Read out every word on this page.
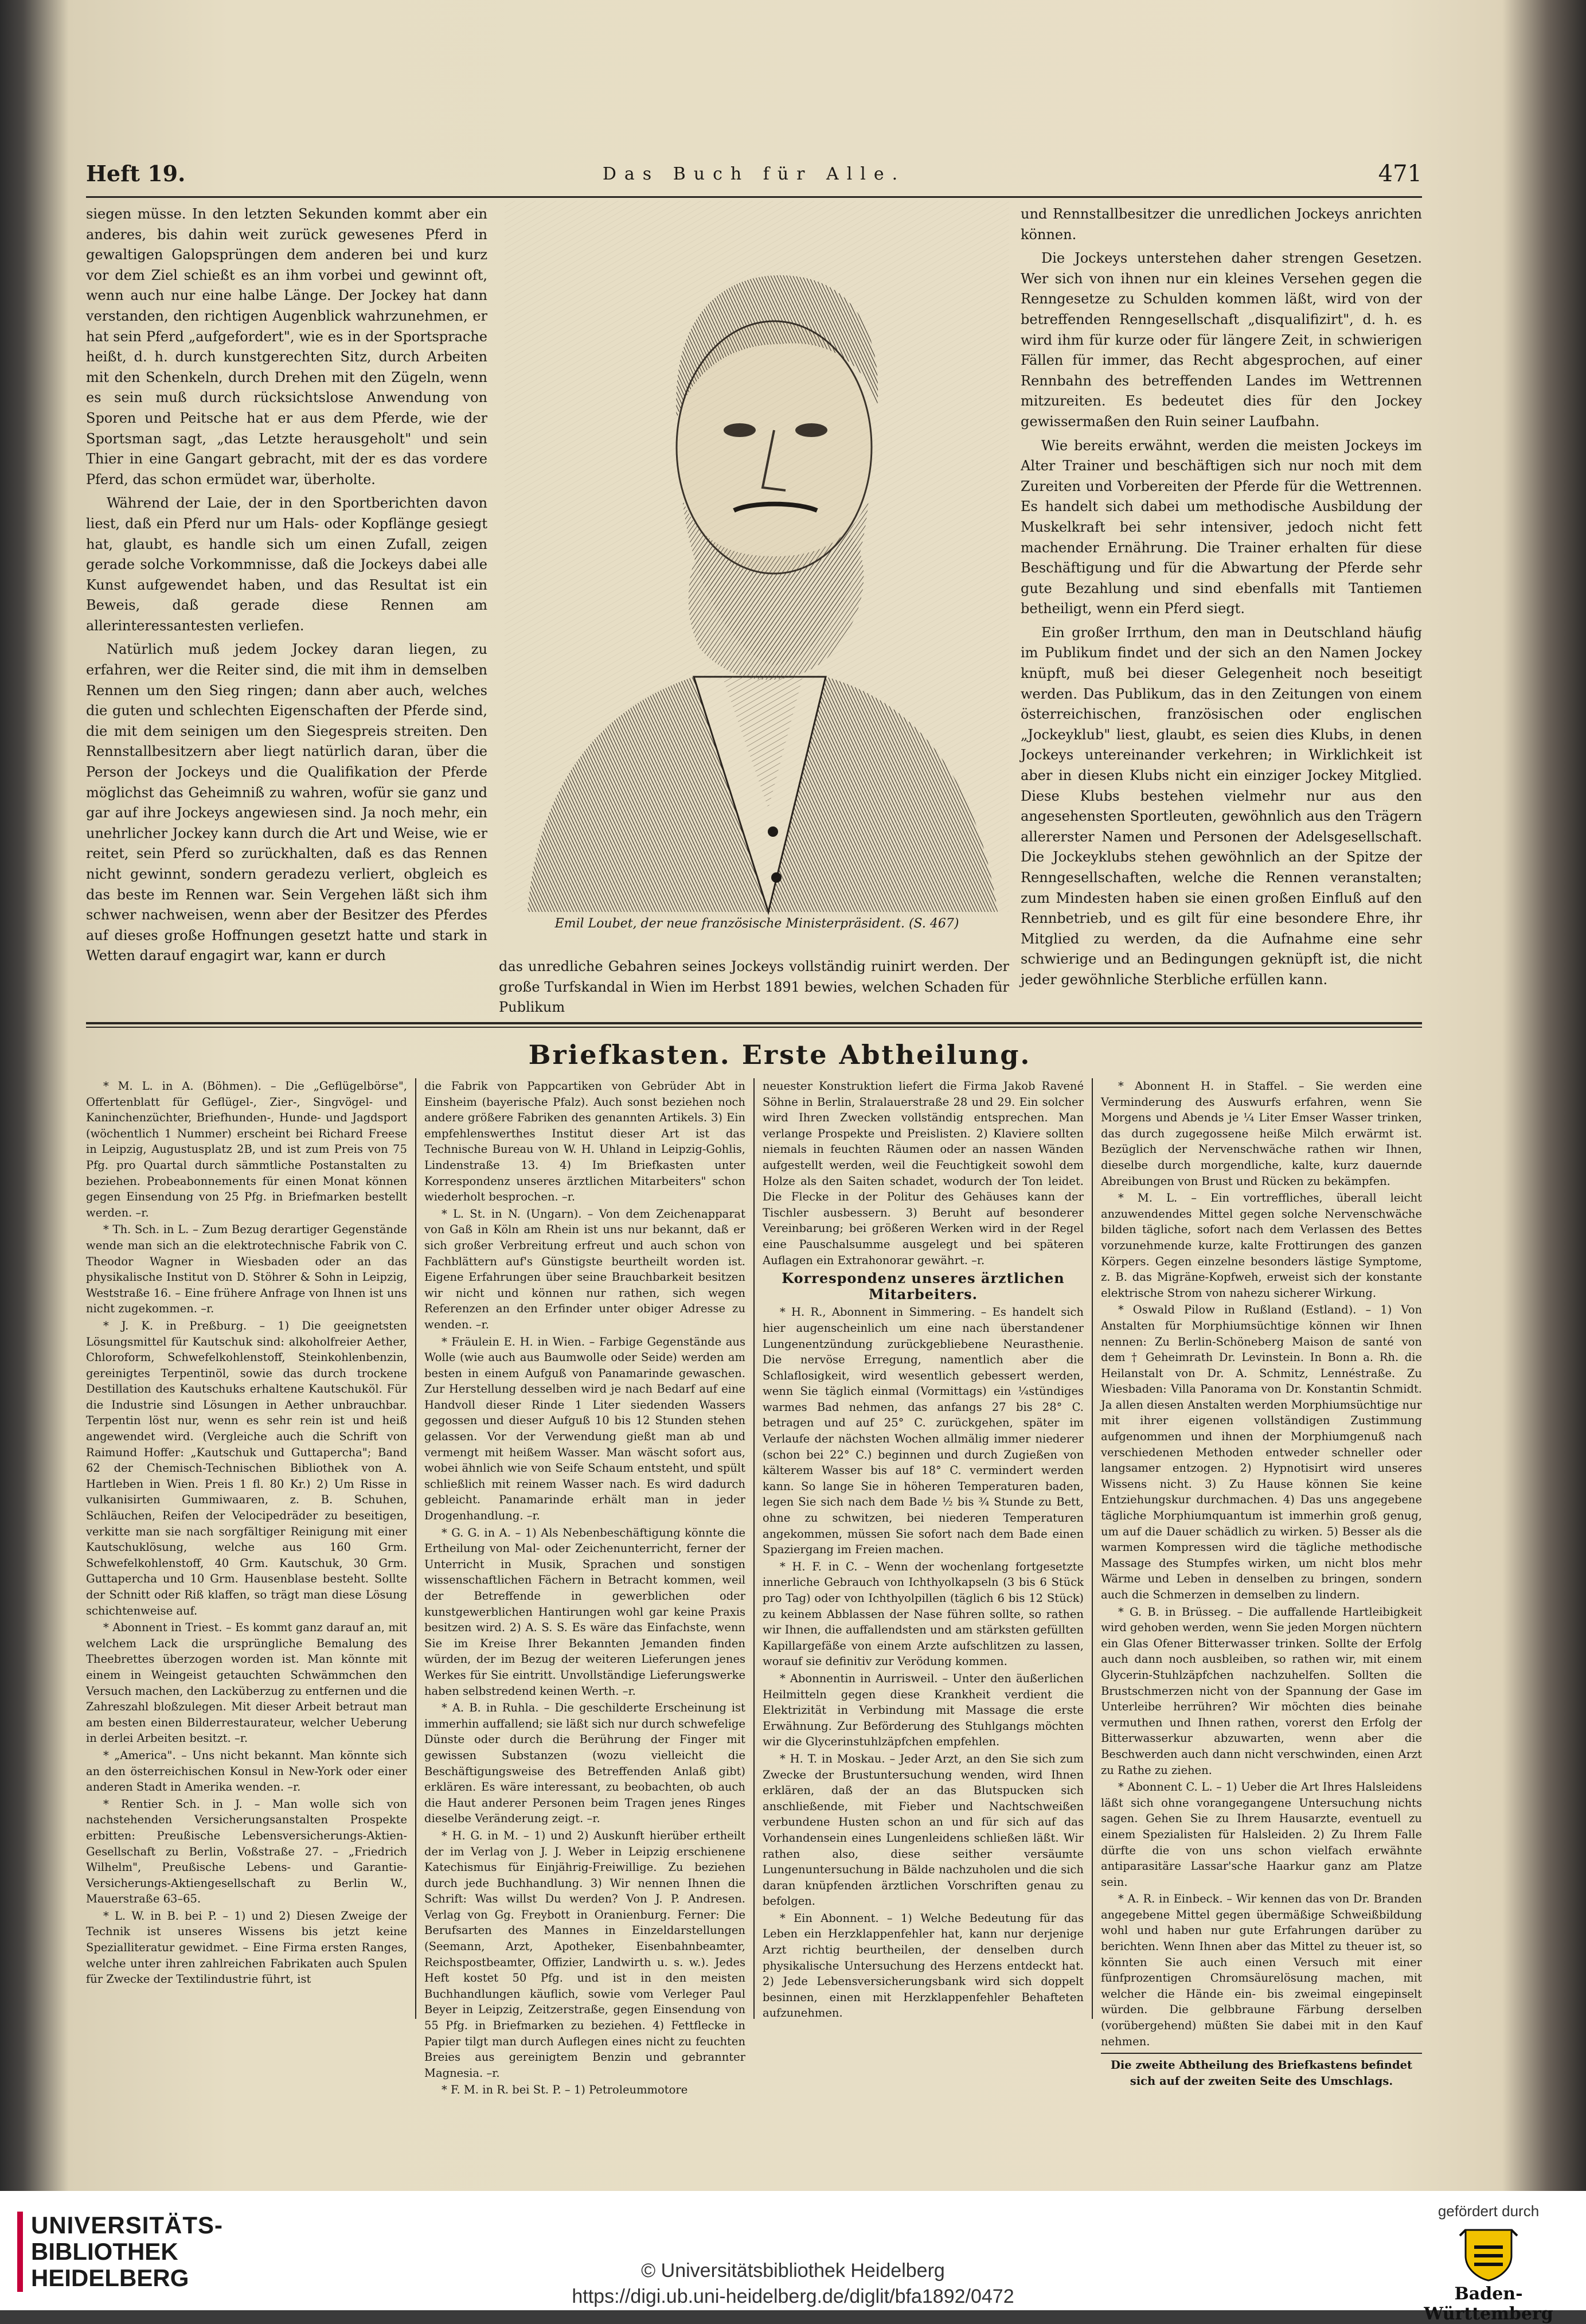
Heft 19.	Das Buch für Alle.	471

siegen müsse. In den letzten Sekunden kommt aber ein anderes, bis dahin weit zurück gewesenes Pferd in gewaltigen Galopsprüngen dem anderen bei und kurz vor dem Ziel schießt es an ihm vorbei und gewinnt oft, wenn auch nur eine halbe Länge. Der Jockey hat dann verstanden, den richtigen Augenblick wahrzunehmen, er hat sein Pferd „aufgefordert", wie es in der Sportsprache heißt, d. h. durch kunstgerechten Sitz, durch Arbeiten mit den Schenkeln, durch Drehen mit den Zügeln, wenn es sein muß durch rücksichtslose Anwendung von Sporen und Peitsche hat er aus dem Pferde, wie der Sportsman sagt, „das Letzte herausgeholt" und sein Thier in eine Gangart gebracht, mit der es das vordere Pferd, das schon ermüdet war, überholte.

Während der Laie, der in den Sportberichten davon liest, daß ein Pferd nur um Hals- oder Kopflänge gesiegt hat, glaubt, es handle sich um einen Zufall, zeigen gerade solche Vorkommnisse, daß die Jockeys dabei alle Kunst aufgewendet haben, und das Resultat ist ein Beweis, daß gerade diese Rennen am allerinteressantesten verliefen.

Natürlich muß jedem Jockey daran liegen, zu erfahren, wer die Reiter sind, die mit ihm in demselben Rennen um den Sieg ringen; dann aber auch, welches die guten und schlechten Eigenschaften der Pferde sind, die mit dem seinigen um den Siegespreis streiten. Den Rennstallbesitzern aber liegt natürlich daran, über die Person der Jockeys und die Qualifikation der Pferde möglichst das Geheimniß zu wahren, wofür sie ganz und gar auf ihre Jockeys angewiesen sind. Ja noch mehr, ein unehrlicher Jockey kann durch die Art und Weise, wie er reitet, sein Pferd so zurückhalten, daß es das Rennen nicht gewinnt, sondern geradezu verliert, obgleich es das beste im Rennen war. Sein Vergehen läßt sich ihm schwer nachweisen, wenn aber der Besitzer des Pferdes auf dieses große Hoffnungen gesetzt hatte und stark in Wetten darauf engagirt war, kann er durch

Emil Loubet, der neue französische Ministerpräsident. (S. 467)

und Rennstallbesitzer die unredlichen Jockeys anrichten können.

Die Jockeys unterstehen daher strengen Gesetzen. Wer sich von ihnen nur ein kleines Versehen gegen die Renngesetze zu Schulden kommen läßt, wird von der betreffenden Renngesellschaft „disqualifizirt", d. h. es wird ihm für kurze oder für längere Zeit, in schwierigen Fällen für immer, das Recht abgesprochen, auf einer Rennbahn des betreffenden Landes im Wettrennen mitzureiten. Es bedeutet dies für den Jockey gewissermaßen den Ruin seiner Laufbahn.

Wie bereits erwähnt, werden die meisten Jockeys im Alter Trainer und beschäftigen sich nur noch mit dem Zureiten und Vorbereiten der Pferde für die Wettrennen. Es handelt sich dabei um methodische Ausbildung der Muskelkraft bei sehr intensiver, jedoch nicht fett machender Ernährung. Die Trainer erhalten für diese Beschäftigung und für die Abwartung der Pferde sehr gute Bezahlung und sind ebenfalls mit Tantiemen betheiligt, wenn ein Pferd siegt.

Ein großer Irrthum, den man in Deutschland häufig im Publikum findet und der sich an den Namen Jockey knüpft, muß bei dieser Gelegenheit noch beseitigt werden. Das Publikum, das in den Zeitungen von einem österreichischen, französischen oder englischen „Jockeyklub" liest, glaubt, es seien dies Klubs, in denen Jockeys untereinander verkehren; in Wirklichkeit ist aber in diesen Klubs nicht ein einziger Jockey Mitglied. Diese Klubs bestehen vielmehr nur aus den angesehensten Sportleuten, gewöhnlich aus den Trägern allererster Namen und Personen der Adelsgesellschaft. Die Jockeyklubs stehen gewöhnlich an der Spitze der Renngesellschaften, welche die Rennen veranstalten; zum Mindesten haben sie einen großen Einfluß auf den Rennbetrieb, und es gilt für eine besondere Ehre, ihr Mitglied zu werden, da die Aufnahme eine sehr schwierige und an Bedingungen geknüpft ist, die nicht jeder gewöhnliche Sterbliche erfüllen kann.

das unredliche Gebahren seines Jockeys vollständig ruinirt werden. Der große Turfskandal in Wien im Herbst 1891 bewies, welchen Schaden für Publikum

Briefkasten. Erste Abtheilung.

* M. L. in A. (Böhmen). – Die „Geflügelbörse", Offertenblatt für Geflügel-, Zier-, Singvögel- und Kaninchenzüchter, Briefhunden-, Hunde- und Jagdsport (wöchentlich 1 Nummer) erscheint bei Richard Freese in Leipzig, Augustusplatz 2B, und ist zum Preis von 75 Pfg. pro Quartal durch sämmtliche Postanstalten zu beziehen. Probeabonnements für einen Monat können gegen Einsendung von 25 Pfg. in Briefmarken bestellt werden. –r.

* Th. Sch. in L. – Zum Bezug derartiger Gegenstände wende man sich an die elektrotechnische Fabrik von C. Theodor Wagner in Wiesbaden oder an das physikalische Institut von D. Stöhrer & Sohn in Leipzig, Weststraße 16. – Eine frühere Anfrage von Ihnen ist uns nicht zugekommen. –r.

* J. K. in Preßburg. – 1) Die geeignetsten Lösungsmittel für Kautschuk sind: alkoholfreier Aether, Chloroform, Schwefelkohlenstoff, Steinkohlenbenzin, gereinigtes Terpentinöl, sowie das durch trockene Destillation des Kautschuks erhaltene Kautschuköl. Für die Industrie sind Lösungen in Aether unbrauchbar. Terpentin löst nur, wenn es sehr rein ist und heiß angewendet wird. (Vergleiche auch die Schrift von Raimund Hoffer: „Kautschuk und Guttapercha"; Band 62 der Chemisch-Technischen Bibliothek von A. Hartleben in Wien. Preis 1 fl. 80 Kr.) 2) Um Risse in vulkanisirten Gummiwaaren, z. B. Schuhen, Schläuchen, Reifen der Velocipedräder zu beseitigen, verkitte man sie nach sorgfältiger Reinigung mit einer Kautschuklösung, welche aus 160 Grm. Schwefelkohlenstoff, 40 Grm. Kautschuk, 30 Grm. Guttapercha und 10 Grm. Hausenblase besteht. Sollte der Schnitt oder Riß klaffen, so trägt man diese Lösung schichtenweise auf.

* Abonnent in Triest. – Es kommt ganz darauf an, mit welchem Lack die ursprüngliche Bemalung des Theebrettes überzogen worden ist. Man könnte mit einem in Weingeist getauchten Schwämmchen den Versuch machen, den Lacküberzug zu entfernen und die Zahreszahl bloßzulegen. Mit dieser Arbeit betraut man am besten einen Bilderrestaurateur, welcher Ueberung in derlei Arbeiten besitzt. –r.

* „America". – Uns nicht bekannt. Man könnte sich an den österreichischen Konsul in New-York oder einer anderen Stadt in Amerika wenden. –r.

* Rentier Sch. in J. – Man wolle sich von nachstehenden Versicherungsanstalten Prospekte erbitten: Preußische Lebensversicherungs-Aktien-Gesellschaft zu Berlin, Voßstraße 27. – „Friedrich Wilhelm", Preußische Lebens- und Garantie-Versicherungs-Aktiengesellschaft zu Berlin W., Mauerstraße 63–65.

* L. W. in B. bei P. – 1) und 2) Diesen Zweige der Technik ist unseres Wissens bis jetzt keine Spezialliteratur gewidmet. – Eine Firma ersten Ranges, welche unter ihren zahlreichen Fabrikaten auch Spulen für Zwecke der Textilindustrie führt, ist

die Fabrik von Pappcartiken von Gebrüder Abt in Einsheim (bayerische Pfalz). Auch sonst beziehen noch andere größere Fabriken des genannten Artikels. 3) Ein empfehlenswerthes Institut dieser Art ist das Technische Bureau von W. H. Uhland in Leipzig-Gohlis, Lindenstraße 13. 4) Im Briefkasten unter Korrespondenz unseres ärztlichen Mitarbeiters" schon wiederholt besprochen. –r.

* L. St. in N. (Ungarn). – Von dem Zeichenapparat von Gaß in Köln am Rhein ist uns nur bekannt, daß er sich großer Verbreitung erfreut und auch schon von Fachblättern auf's Günstigste beurtheilt worden ist. Eigene Erfahrungen über seine Brauchbarkeit besitzen wir nicht und können nur rathen, sich wegen Referenzen an den Erfinder unter obiger Adresse zu wenden. –r.

* Fräulein E. H. in Wien. – Farbige Gegenstände aus Wolle (wie auch aus Baumwolle oder Seide) werden am besten in einem Aufguß von Panamarinde gewaschen. Zur Herstellung desselben wird je nach Bedarf auf eine Handvoll dieser Rinde 1 Liter siedenden Wassers gegossen und dieser Aufguß 10 bis 12 Stunden stehen gelassen. Vor der Verwendung gießt man ab und vermengt mit heißem Wasser. Man wäscht sofort aus, wobei ähnlich wie von Seife Schaum entsteht, und spült schließlich mit reinem Wasser nach. Es wird dadurch gebleicht. Panamarinde erhält man in jeder Drogenhandlung. –r.

* G. G. in A. – 1) Als Nebenbeschäftigung könnte die Ertheilung von Mal- oder Zeichenunterricht, ferner der Unterricht in Musik, Sprachen und sonstigen wissenschaftlichen Fächern in Betracht kommen, weil der Betreffende in gewerblichen oder kunstgewerblichen Hantirungen wohl gar keine Praxis besitzen wird. 2) A. S. S. Es wäre das Einfachste, wenn Sie im Kreise Ihrer Bekannten Jemanden finden würden, der im Bezug der weiteren Lieferungen jenes Werkes für Sie eintritt. Unvollständige Lieferungswerke haben selbstredend keinen Werth. –r.

* A. B. in Ruhla. – Die geschilderte Erscheinung ist immerhin auffallend; sie läßt sich nur durch schwefelige Dünste oder durch die Berührung der Finger mit gewissen Substanzen (wozu vielleicht die Beschäftigungsweise des Betreffenden Anlaß gibt) erklären. Es wäre interessant, zu beobachten, ob auch die Haut anderer Personen beim Tragen jenes Ringes dieselbe Veränderung zeigt. –r.

* H. G. in M. – 1) und 2) Auskunft hierüber ertheilt der im Verlag von J. J. Weber in Leipzig erschienene Katechismus für Einjährig-Freiwillige. Zu beziehen durch jede Buchhandlung. 3) Wir nennen Ihnen die Schrift: Was willst Du werden? Von J. P. Andresen. Verlag von Gg. Freybott in Oranienburg. Ferner: Die Berufsarten des Mannes in Einzeldarstellungen (Seemann, Arzt, Apotheker, Eisenbahnbeamter, Reichspostbeamter, Offizier, Landwirth u. s. w.). Jedes Heft kostet 50 Pfg. und ist in den meisten Buchhandlungen käuflich, sowie vom Verleger Paul Beyer in Leipzig, Zeitzerstraße, gegen Einsendung von 55 Pfg. in Briefmarken zu beziehen. 4) Fettflecke in Papier tilgt man durch Auflegen eines nicht zu feuchten Breies aus gereinigtem Benzin und gebrannter Magnesia. –r.

* F. M. in R. bei St. P. – 1) Petroleummotore

neuester Konstruktion liefert die Firma Jakob Ravené Söhne in Berlin, Stralauerstraße 28 und 29. Ein solcher wird Ihren Zwecken vollständig entsprechen. Man verlange Prospekte und Preislisten. 2) Klaviere sollten niemals in feuchten Räumen oder an nassen Wänden aufgestellt werden, weil die Feuchtigkeit sowohl dem Holze als den Saiten schadet, wodurch der Ton leidet. Die Flecke in der Politur des Gehäuses kann der Tischler ausbessern. 3) Beruht auf besonderer Vereinbarung; bei größeren Werken wird in der Regel eine Pauschalsumme ausgelegt und bei späteren Auflagen ein Extrahonorar gewährt. –r.

Korrespondenz unseres ärztlichen Mitarbeiters.

* H. R., Abonnent in Simmering. – Es handelt sich hier augenscheinlich um eine nach überstandener Lungenentzündung zurückgebliebene Neurasthenie. Die nervöse Erregung, namentlich aber die Schlaflosigkeit, wird wesentlich gebessert werden, wenn Sie täglich einmal (Vormittags) ein ¼stündiges warmes Bad nehmen, das anfangs 27 bis 28° C. betragen und auf 25° C. zurückgehen, später im Verlaufe der nächsten Wochen allmälig immer niederer (schon bei 22° C.) beginnen und durch Zugießen von kälterem Wasser bis auf 18° C. vermindert werden kann. So lange Sie in höheren Temperaturen baden, legen Sie sich nach dem Bade ½ bis ¾ Stunde zu Bett, ohne zu schwitzen, bei niederen Temperaturen angekommen, müssen Sie sofort nach dem Bade einen Spaziergang im Freien machen.

* H. F. in C. – Wenn der wochenlang fortgesetzte innerliche Gebrauch von Ichthyolkapseln (3 bis 6 Stück pro Tag) oder von Ichthyolpillen (täglich 6 bis 12 Stück) zu keinem Abblassen der Nase führen sollte, so rathen wir Ihnen, die auffallendsten und am stärksten gefüllten Kapillargefäße von einem Arzte aufschlitzen zu lassen, worauf sie definitiv zur Verödung kommen.

* Abonnentin in Aurrisweil. – Unter den äußerlichen Heilmitteln gegen diese Krankheit verdient die Elektrizität in Verbindung mit Massage die erste Erwähnung. Zur Beförderung des Stuhlgangs möchten wir die Glycerinstuhlzäpfchen empfehlen.

* H. T. in Moskau. – Jeder Arzt, an den Sie sich zum Zwecke der Brustuntersuchung wenden, wird Ihnen erklären, daß der an das Blutspucken sich anschließende, mit Fieber und Nachtschweißen verbundene Husten schon an und für sich auf das Vorhandensein eines Lungenleidens schließen läßt. Wir rathen also, diese seither versäumte Lungenuntersuchung in Bälde nachzuholen und die sich daran knüpfenden ärztlichen Vorschriften genau zu befolgen.

* Ein Abonnent. – 1) Welche Bedeutung für das Leben ein Herzklappenfehler hat, kann nur derjenige Arzt richtig beurtheilen, der denselben durch physikalische Untersuchung des Herzens entdeckt hat. 2) Jede Lebensversicherungsbank wird sich doppelt besinnen, einen mit Herzklappenfehler Behafteten aufzunehmen.

* Abonnent H. in Staffel. – Sie werden eine Verminderung des Auswurfs erfahren, wenn Sie Morgens und Abends je ¼ Liter Emser Wasser trinken, das durch zugegossene heiße Milch erwärmt ist. Bezüglich der Nervenschwäche rathen wir Ihnen, dieselbe durch morgendliche, kalte, kurz dauernde Abreibungen von Brust und Rücken zu bekämpfen.

* M. L. – Ein vortreffliches, überall leicht anzuwendendes Mittel gegen solche Nervenschwäche bilden tägliche, sofort nach dem Verlassen des Bettes vorzunehmende kurze, kalte Frottirungen des ganzen Körpers. Gegen einzelne besonders lästige Symptome, z. B. das Migräne-Kopfweh, erweist sich der konstante elektrische Strom von nahezu sicherer Wirkung.

* Oswald Pilow in Rußland (Estland). – 1) Von Anstalten für Morphiumsüchtige können wir Ihnen nennen: Zu Berlin-Schöneberg Maison de santé von dem † Geheimrath Dr. Levinstein. In Bonn a. Rh. die Heilanstalt von Dr. A. Schmitz, Lennéstraße. Zu Wiesbaden: Villa Panorama von Dr. Konstantin Schmidt. Ja allen diesen Anstalten werden Morphiumsüchtige nur mit ihrer eigenen vollständigen Zustimmung aufgenommen und ihnen der Morphiumgenuß nach verschiedenen Methoden entweder schneller oder langsamer entzogen. 2) Hypnotisirt wird unseres Wissens nicht. 3) Zu Hause können Sie keine Entziehungskur durchmachen. 4) Das uns angegebene tägliche Morphiumquantum ist immerhin groß genug, um auf die Dauer schädlich zu wirken. 5) Besser als die warmen Kompressen wird die tägliche methodische Massage des Stumpfes wirken, um nicht blos mehr Wärme und Leben in denselben zu bringen, sondern auch die Schmerzen in demselben zu lindern.

* G. B. in Brüsseg. – Die auffallende Hartleibigkeit wird gehoben werden, wenn Sie jeden Morgen nüchtern ein Glas Ofener Bitterwasser trinken. Sollte der Erfolg auch dann noch ausbleiben, so rathen wir, mit einem Glycerin-Stuhlzäpfchen nachzuhelfen. Sollten die Brustschmerzen nicht von der Spannung der Gase im Unterleibe herrühren? Wir möchten dies beinahe vermuthen und Ihnen rathen, vorerst den Erfolg der Bitterwasserkur abzuwarten, wenn aber die Beschwerden auch dann nicht verschwinden, einen Arzt zu Rathe zu ziehen.

* Abonnent C. L. – 1) Ueber die Art Ihres Halsleidens läßt sich ohne vorangegangene Untersuchung nichts sagen. Gehen Sie zu Ihrem Hausarzte, eventuell zu einem Spezialisten für Halsleiden. 2) Zu Ihrem Falle dürfte die von uns schon vielfach erwähnte antiparasitäre Lassar'sche Haarkur ganz am Platze sein.

* A. R. in Einbeck. – Wir kennen das von Dr. Branden angegebene Mittel gegen übermäßige Schweißbildung wohl und haben nur gute Erfahrungen darüber zu berichten. Wenn Ihnen aber das Mittel zu theuer ist, so könnten Sie auch einen Versuch mit einer fünfprozentigen Chromsäurelösung machen, mit welcher die Hände ein- bis zweimal eingepinselt würden. Die gelbbraune Färbung derselben (vorübergehend) müßten Sie dabei mit in den Kauf nehmen.

Die zweite Abtheilung des Briefkastens befindet sich auf der zweiten Seite des Umschlags.

UNIVERSITÄTS-
BIBLIOTHEK
HEIDELBERG	© Universitätsbibliothek Heidelberg
https://digi.ub.uni-heidelberg.de/diglit/bfa1892/0472
gefördert durch
Baden-Württemberg
